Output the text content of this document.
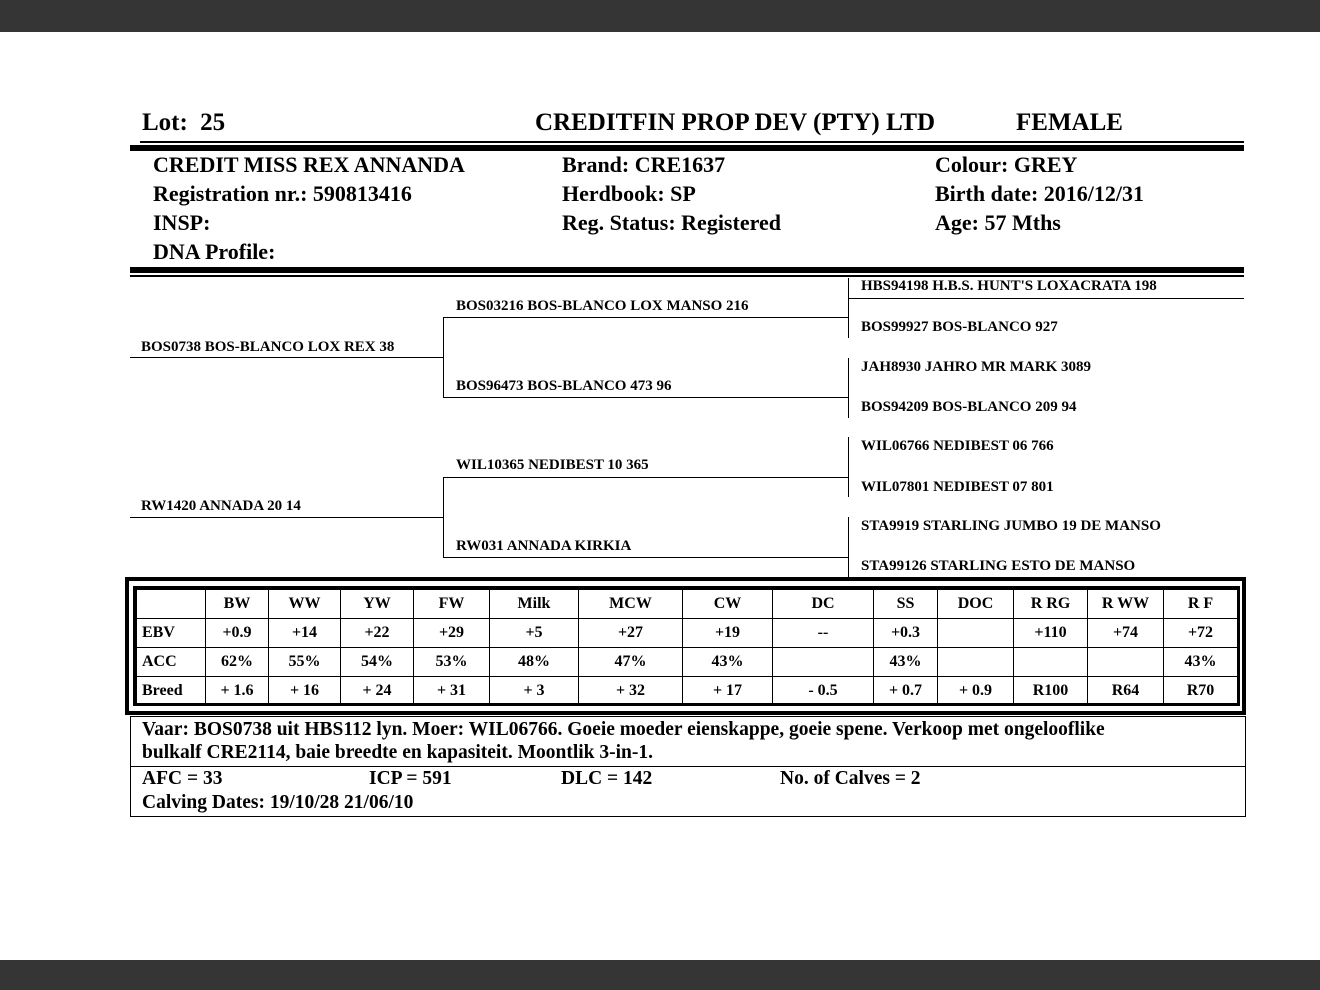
Lot: 25	CREDITFIN PROP DEV (PTY) LTD	FEMALE
CREDIT MISS REX ANNANDA
Registration nr.: 590813416
INSP:
DNA Profile:
Brand: CRE1637
Herdbook: SP
Reg. Status: Registered
Colour: GREY
Birth date: 2016/12/31
Age: 57 Mths
BOS0738 BOS-BLANCO LOX REX 38
RW1420 ANNADA 20 14
BOS03216 BOS-BLANCO LOX MANSO 216
BOS96473 BOS-BLANCO 473 96
WIL10365 NEDIBEST 10 365
RW031 ANNADA KIRKIA
HBS94198 H.B.S. HUNT'S LOXACRATA 198
BOS99927 BOS-BLANCO 927
JAH8930 JAHRO MR MARK 3089
BOS94209 BOS-BLANCO 209 94
WIL06766 NEDIBEST 06 766
WIL07801 NEDIBEST 07 801
STA9919 STARLING JUMBO 19 DE MANSO
STA99126 STARLING ESTO DE MANSO
	BW	WW	YW	FW	Milk	MCW	CW	DC	SS	DOC	R RG	R WW	R F
EBV	+0.9	+14	+22	+29	+5	+27	+19	--	+0.3		+110	+74	+72
ACC	62%	55%	54%	53%	48%	47%	43%		43%				43%
Breed	+ 1.6	+ 16	+ 24	+ 31	+ 3	+ 32	+ 17	- 0.5	+ 0.7	+ 0.9	R100	R64	R70
Vaar: BOS0738 uit HBS112 lyn. Moer: WIL06766. Goeie moeder eienskappe, goeie spene. Verkoop met ongelooflike
bulkalf CRE2114, baie breedte en kapasiteit. Moontlik 3-in-1.
AFC = 33	ICP = 591	DLC = 142	No. of Calves = 2
Calving Dates: 19/10/28 21/06/10
